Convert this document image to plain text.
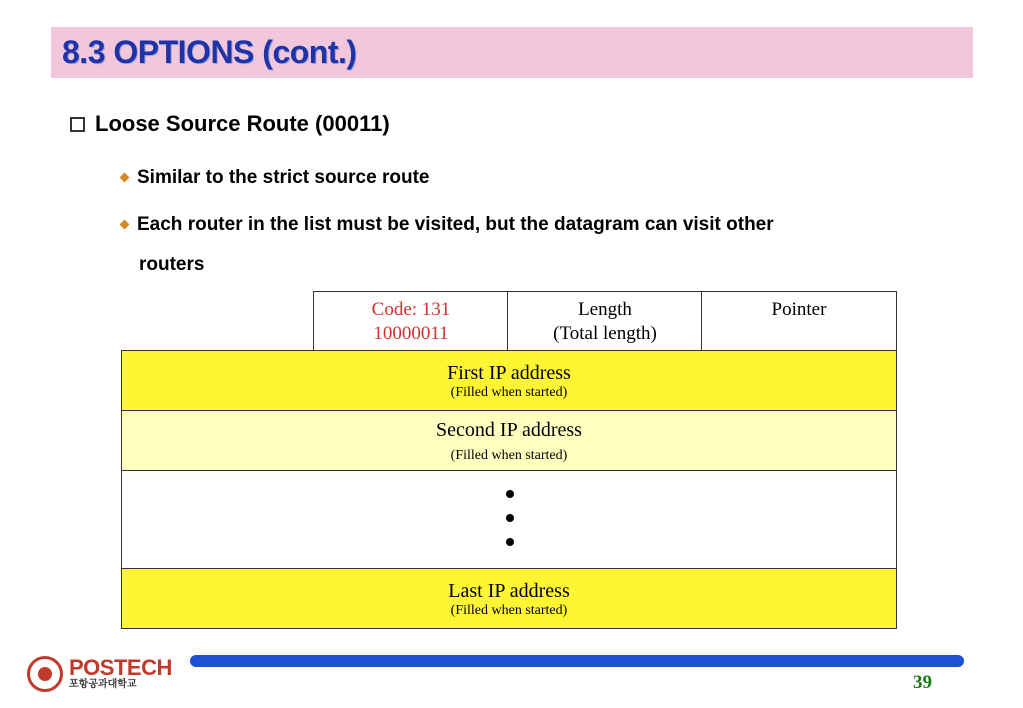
8.3 OPTIONS (cont.)
Loose Source Route (00011)
Similar to the strict source route
Each router in the list must be visited, but the datagram can visit other
routers
Code: 131
10000011
Length
(Total length)
Pointer
First IP address
(Filled when started)
Second IP address
(Filled when started)
Last IP address
(Filled when started)
POSTECH
포항공과대학교	39
